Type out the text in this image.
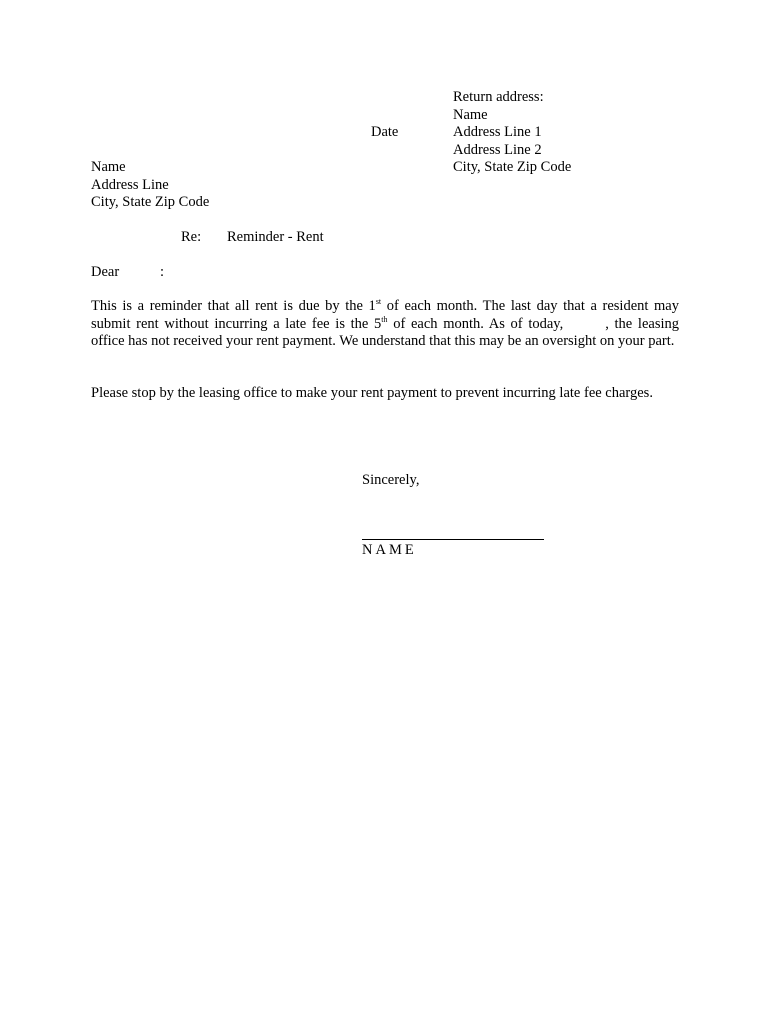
Return address:
Name
Address Line 1
Address Line 2
City, State Zip Code
Date
Name
Address Line
City, State Zip Code
Re: Reminder - Rent
Dear	:
This is a reminder that all rent is due by the 1st of each month. The last day that a resident may submit rent without incurring a late fee is the 5th of each month. As of today,	, the leasing office has not received your rent payment. We understand that this may be an oversight on your part.
Please stop by the leasing office to make your rent payment to prevent incurring late fee charges.
Sincerely,
NAME
